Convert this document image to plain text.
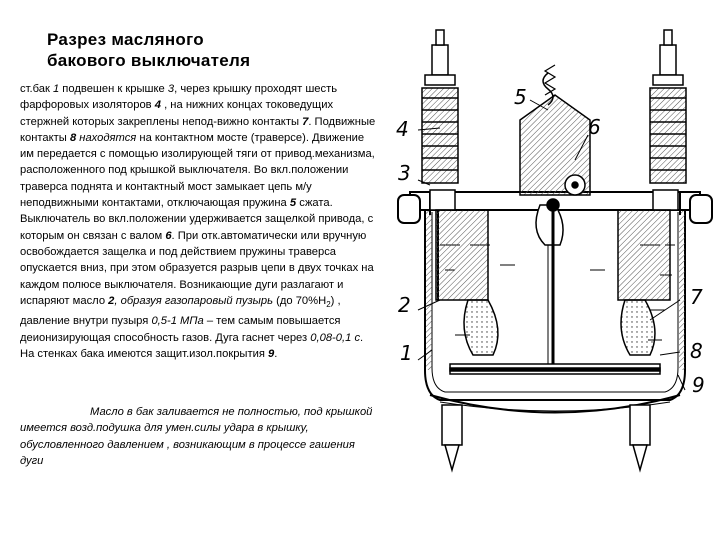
Разрез масляного
бакового выключателя

ст.бак 1 подвешен к крышке 3, через крышку проходят шесть фарфоровых изоляторов 4 , на нижних концах токоведущих стержней которых закреплены непод-вижно контакты 7. Подвижные контакты 8 находятся на контактном мосте (траверсе). Движение им передается с помощью изолирующей тяги от привод.механизма, расположенного под крышкой выключателя. Во вкл.положении траверса поднята и контактный мост замыкает цепь м/у неподвижными контактами, отключающая пружина 5 сжата. Выключатель во вкл.положении удерживается защелкой привода, с которым он связан с валом 6. При отк.автоматически или вручную освобождается защелка и под действием пружины траверса опускается вниз, при этом образуется разрыв цепи в двух точках на каждом полюсе выключателя. Возникающие дуги разлагают и испаряют масло 2, образуя газопаровый пузырь (до $70\%Н_2$) , давление внутри пузыря 0,5-1 МПа – тем самым повышается деионизирующая способность газов. Дуга гаснет через 0,08-0,1 с. На стенках бака имеются защит.изол.покрытия 9.

Масло в бак заливается не полностью, под крышкой имеется возд.подушка для умен.силы удара в крышку, обусловленного давлением , возникающим в процессе гашения дуги
4
3
5
6
2
1
7
8
9
